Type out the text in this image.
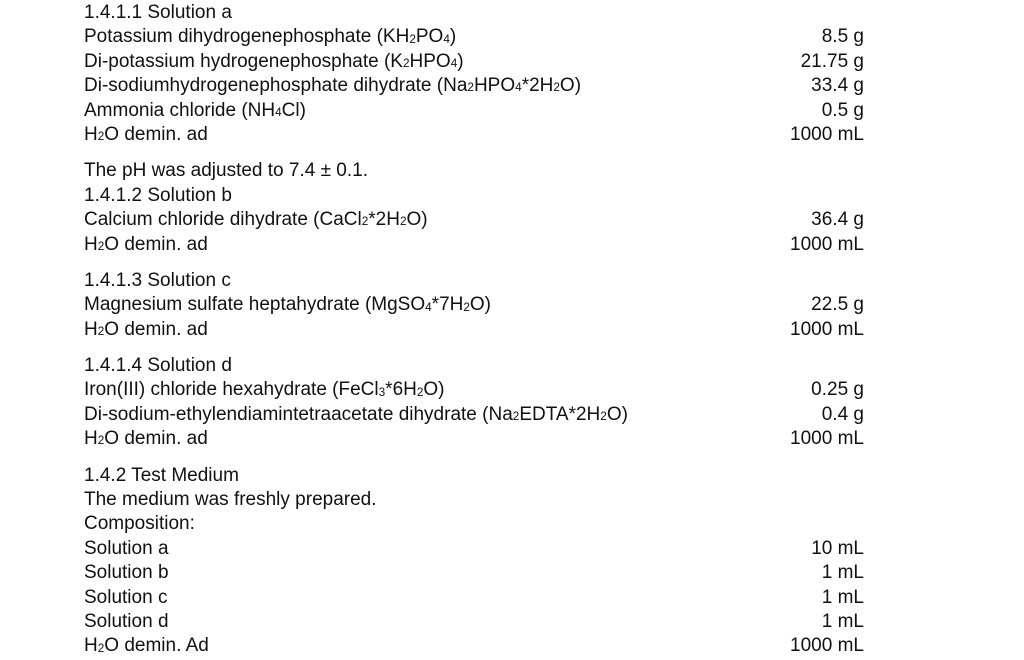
1.4.1.1 Solution a
Potassium dihydrogenephosphate $(KH_2PO_4)$	8.5 g
Di-potassium hydrogenephosphate $(K_2HPO_4)$	21.75 g
Di-sodiumhydrogenephosphate dihydrate $(Na_2HPO_4*2H_2O)$	33.4 g
Ammonia chloride $(NH_4Cl)$	0.5 g
$H_2O$ demin. ad	1000 mL
The pH was adjusted to 7.4 ± 0.1.
1.4.1.2 Solution b
Calcium chloride dihydrate $(CaCl_2*2H_2O)$	36.4 g
$H_2O$ demin. ad	1000 mL
1.4.1.3 Solution c
Magnesium sulfate heptahydrate $(MgSO_4*7H_2O)$	22.5 g
$H_2O$ demin. ad	1000 mL
1.4.1.4 Solution d
Iron(III) chloride hexahydrate $(FeCl_3*6H_2O)$	0.25 g
Di-sodium-ethylendiamintetraacetate dihydrate $(Na_2EDTA*2H_2O)$	0.4 g
$H_2O$ demin. ad	1000 mL
1.4.2 Test Medium
The medium was freshly prepared.
Composition:
Solution a	10 mL
Solution b	1 mL
Solution c	1 mL
Solution d	1 mL
$H_2O$ demin. Ad	1000 mL
